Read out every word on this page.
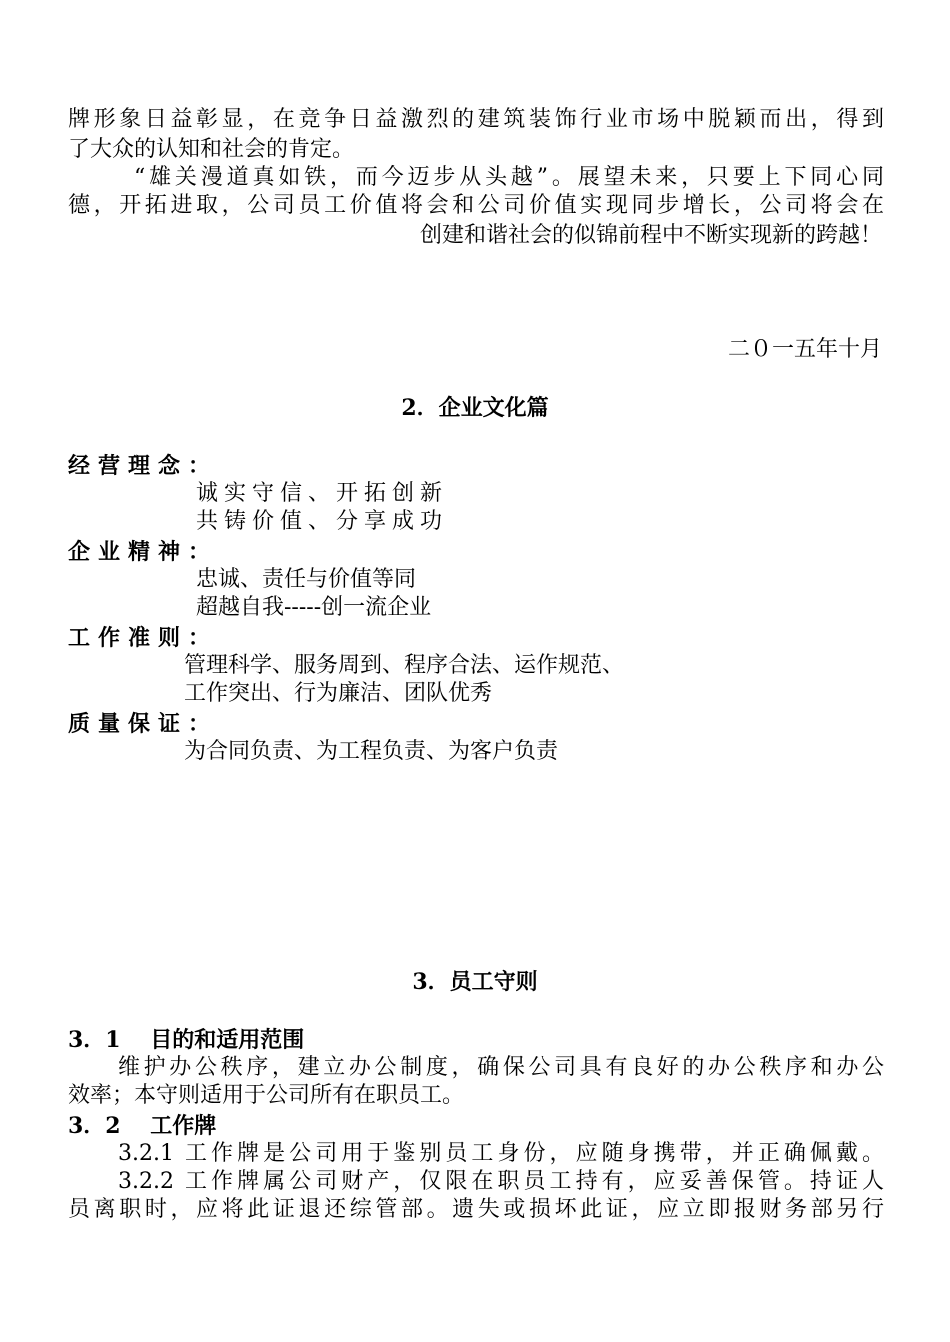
牌形象日益彰显，在竞争日益激烈的建筑装饰行业市场中脱颖而出，得到
了大众的认知和社会的肯定。
“雄关漫道真如铁，而今迈步从头越”。展望未来，只要上下同心同
德，开拓进取，公司员工价值将会和公司价值实现同步增长，公司将会在
创建和谐社会的似锦前程中不断实现新的跨越！
二０一五年十月
2．企业文化篇
经营理念：
诚实守信、开拓创新
共铸价值、分享成功
企业精神：
忠诚、责任与价值等同
超越自我-----创一流企业
工作准则：
管理科学、服务周到、程序合法、运作规范、
工作突出、行为廉洁、团队优秀
质量保证：
为合同负责、为工程负责、为客户负责
3．员工守则
3．1　 目的和适用范围
维护办公秩序，建立办公制度，确保公司具有良好的办公秩序和办公
效率；本守则适用于公司所有在职员工。
3．2　 工作牌
3.2.1 工作牌是公司用于鉴别员工身份，应随身携带，并正确佩戴。
3.2.2 工作牌属公司财产，仅限在职员工持有，应妥善保管。持证人
员离职时，应将此证退还综管部。遗失或损坏此证，应立即报财务部另行
